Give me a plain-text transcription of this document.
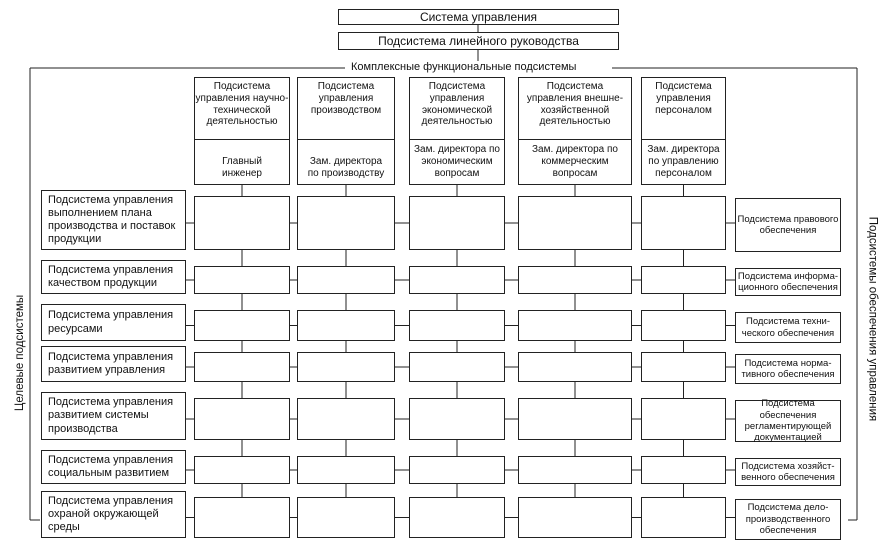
Система управления
Подсистема линейного руководства
Комплексные функциональные подсистемы
Целевые подсистемы	Подсистемы обеспечения управления
Подсистема
управления научно-
технической
деятельностью
Главный
инженер
Подсистема
управления
производством
Зам. директора
по производству
Подсистема
управления
экономической
деятельностью
Зам. директора по
экономическим
вопросам
Подсистема
управления внешне-
хозяйственной
деятельностью
Зам. директора по
коммерческим
вопросам
Подсистема
управления
персоналом
Зам. директора
по управлению
персоналом
Подсистема управления
выполнением плана
производства и поставок
продукции
Подсистема правового
обеспечения
Подсистема управления
качеством продукции
Подсистема информа-
ционного обеспечения
Подсистема управления
ресурсами
Подсистема техни-
ческого обеспечения
Подсистема управления
развитием управления
Подсистема норма-
тивного обеспечения
Подсистема управления
развитием системы
производства
Подсистема обеспечения
регламентирующей
документацией
Подсистема управления
социальным развитием
Подсистема хозяйст-
венного обеспечения
Подсистема управления
охраной окружающей
среды
Подсистема дело-
производственного
обеспечения
